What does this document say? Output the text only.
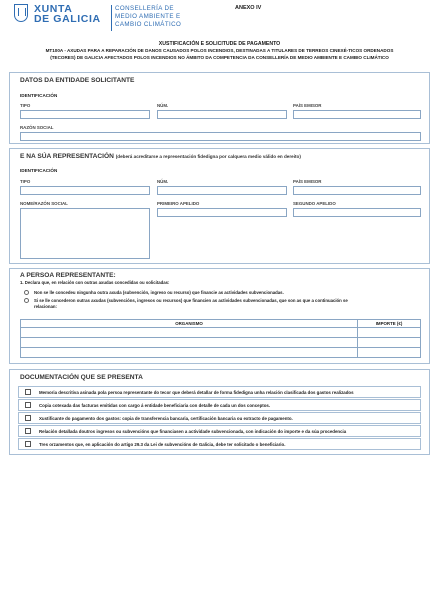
XUNTA
DE GALICIA
CONSELLERÍA DE
MEDIO AMBIENTE E
CAMBIO CLIMÁTICO
ANEXO IV
XUSTIFICACIÓN E SOLICITUDE DE PAGAMENTO
MT100A - AXUDAS PARA A REPARACIÓN DE DANOS CAUSADOS POLOS INCENDIOS, DESTINADAS A TITULARES DE TERREOS CINEXÉ-TICOS ORDENADOS
(TECORES) DE GALICIA AFECTADOS POLOS INCENDIOS NO ÁMBITO DA COMPETENCIA DA CONSELLERÍA DE MEDIO AMBIENTE E CAMBIO CLIMÁTICO
DATOS DA ENTIDADE SOLICITANTE
IDENTIFICACIÓN
TIPO	NÚM.	PAÍS EMISOR
RAZÓN SOCIAL
E NA SÚA REPRESENTACIÓN (deberá acreditarse a representación fidedigna por calquera medio válido en dereito)
IDENTIFICACIÓN
TIPO	NÚM.	PAÍS EMISOR
NOME/RAZÓN SOCIAL	PRIMEIRO APELIDO	SEGUNDO APELIDO
A PERSOA REPRESENTANTE:
1. Declara que, en relación con outras axudas concedidas ou solicitadas:
Non se lle concedeu ningunha outra axuda (subvención, ingreso ou recurso) que financie as actividades subvencionadas.
Si se lle concederon outras axudas (subvencións, ingresos ou recursos) que financien as actividades subvencionadas, que son as que a continuación se
relacionan:
ORGANISMO	IMPORTE (€)

DOCUMENTACIÓN QUE SE PRESENTA
Memoria descritiva asinada pola persoa representante do tecor que deberá detallar de forma fidedigna unha relación clasificada dos gastos realizados
Copia cotexada das facturas emitidas con cargo á entidade beneficiaria con detalle de cada un dos conceptos.
Xustificante do pagamento dos gastos: copia de transferencia bancaria, certificación bancaria ou extracto de pagamento.
Relación detallada doutros ingresos ou subvencións que financiasen a actividade subvencionada, con indicación do importe e da súa procedencia
Tres orzamentos que, en aplicación do artigo 29.3 da Lei de subvencións de Galicia, debe ter solicitado o beneficiario.
